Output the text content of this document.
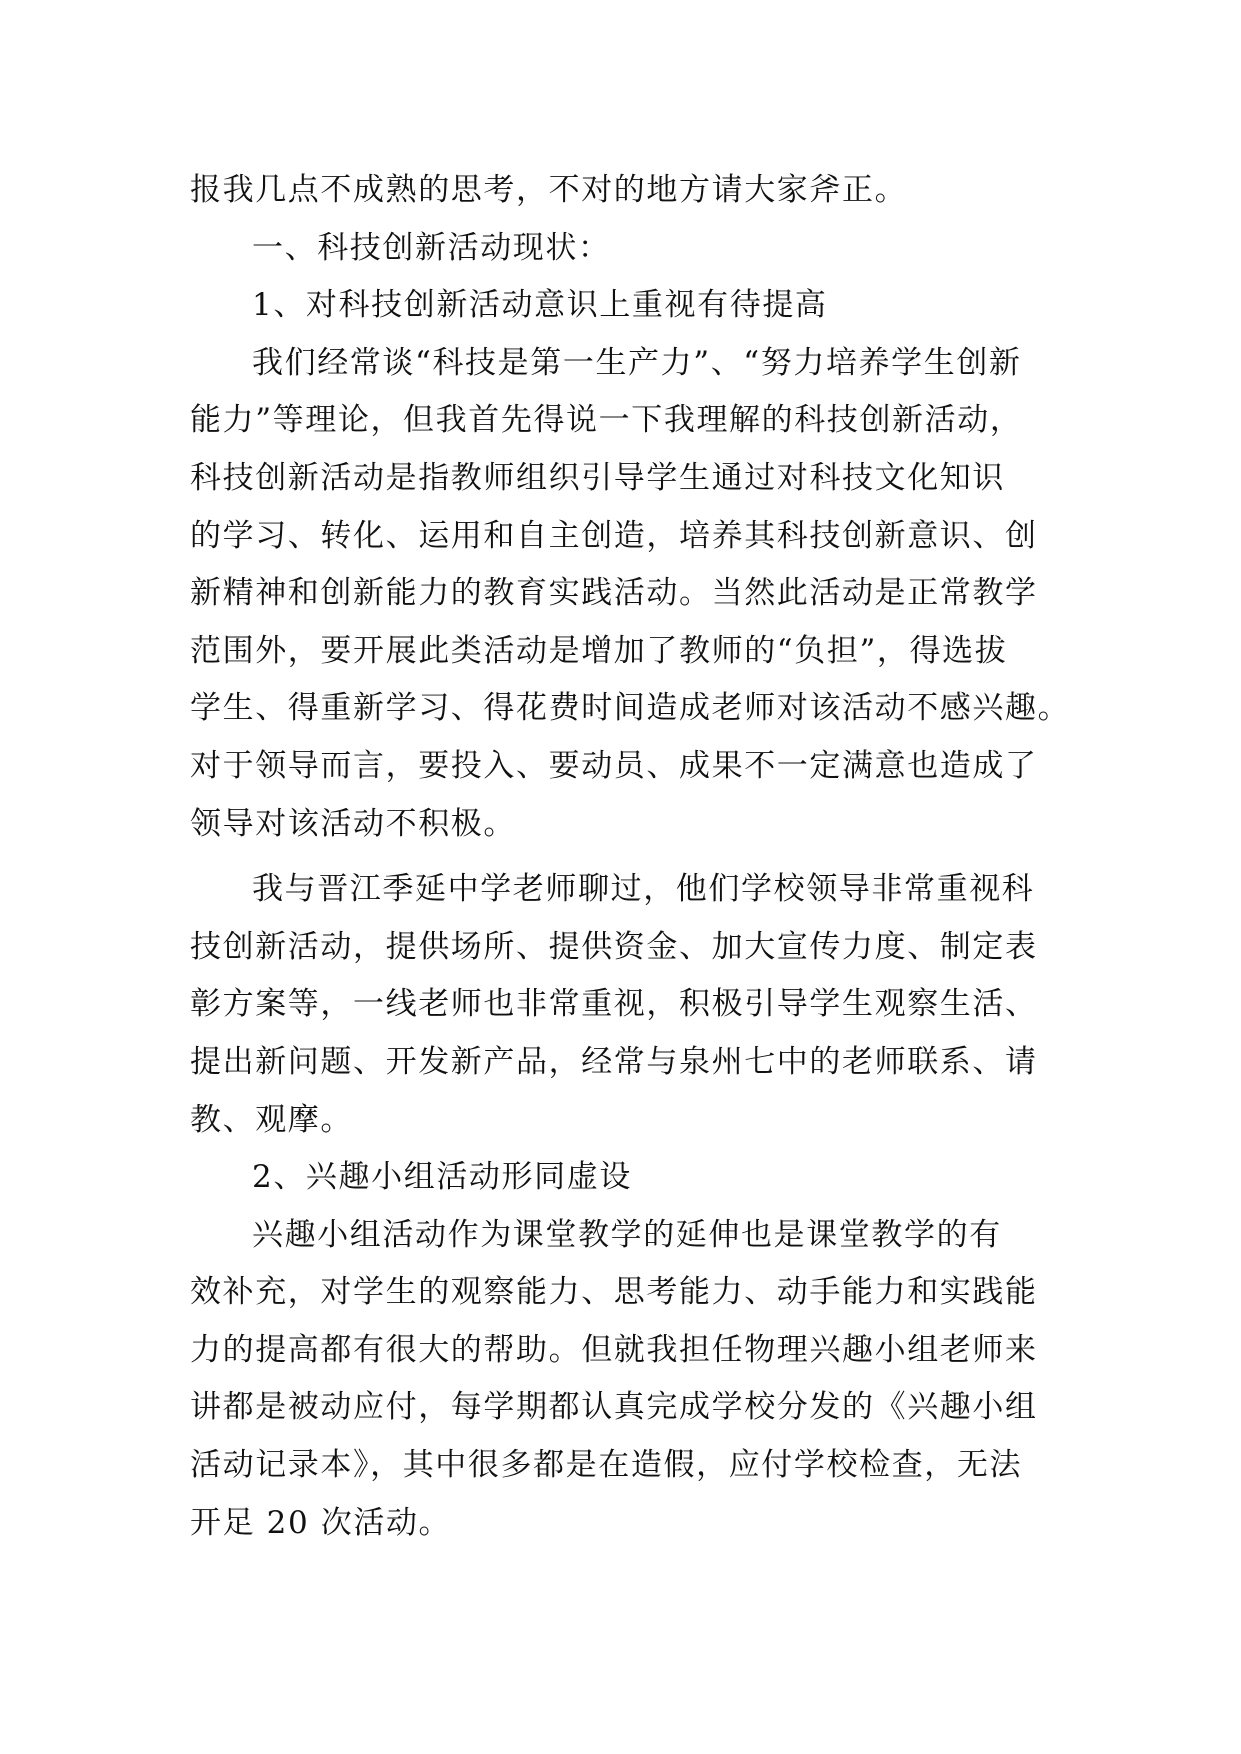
报我几点不成熟的思考，不对的地方请大家斧正。
一、科技创新活动现状：
1、对科技创新活动意识上重视有待提高
我们经常谈“科技是第一生产力”、“努力培养学生创新
能力”等理论，但我首先得说一下我理解的科技创新活动，
科技创新活动是指教师组织引导学生通过对科技文化知识
的学习、转化、运用和自主创造，培养其科技创新意识、创
新精神和创新能力的教育实践活动。当然此活动是正常教学
范围外，要开展此类活动是增加了教师的“负担”，得选拔
学生、得重新学习、得花费时间造成老师对该活动不感兴趣。
对于领导而言，要投入、要动员、成果不一定满意也造成了
领导对该活动不积极。
我与晋江季延中学老师聊过，他们学校领导非常重视科
技创新活动，提供场所、提供资金、加大宣传力度、制定表
彰方案等，一线老师也非常重视，积极引导学生观察生活、
提出新问题、开发新产品，经常与泉州七中的老师联系、请
教、观摩。
2、兴趣小组活动形同虚设
兴趣小组活动作为课堂教学的延伸也是课堂教学的有
效补充，对学生的观察能力、思考能力、动手能力和实践能
力的提高都有很大的帮助。但就我担任物理兴趣小组老师来
讲都是被动应付，每学期都认真完成学校分发的《兴趣小组
活动记录本》，其中很多都是在造假，应付学校检查，无法
开足 20 次活动。
